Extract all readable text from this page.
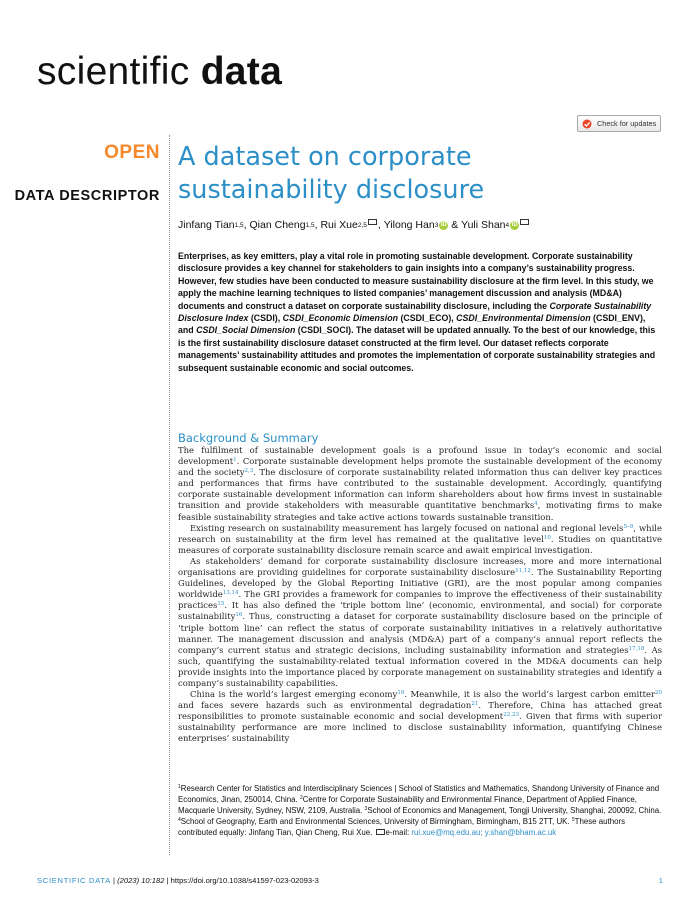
scientific data
Check for updates
OPEN
DATA DESCRIPTOR
A dataset on corporate
sustainability disclosure
Jinfang Tian 1,5 , Qian Cheng 1,5 , Rui Xue 2,5 , Yilong Han 3 iD & Yuli Shan 4 iD

Enterprises, as key emitters, play a vital role in promoting sustainable development. Corporate sustainability disclosure provides a key channel for stakeholders to gain insights into a company’s sustainability progress. However, few studies have been conducted to measure sustainability disclosure at the firm level. In this study, we apply the machine learning techniques to listed companies’ management discussion and analysis (MD&A) documents and construct a dataset on corporate sustainability disclosure, including the Corporate Sustainability Disclosure Index (CSDI), CSDI_Economic Dimension (CSDI_ECO), CSDI_Environmental Dimension (CSDI_ENV), and CSDI_Social Dimension (CSDI_SOCI). The dataset will be updated annually. To the best of our knowledge, this is the first sustainability disclosure dataset constructed at the firm level. Our dataset reflects corporate managements’ sustainability attitudes and promotes the implementation of corporate sustainability strategies and subsequent sustainable economic and social outcomes.

Background & Summary

The fulfilment of sustainable development goals is a profound issue in today’s economic and social development$^1$. Corporate sustainable development helps promote the sustainable development of the economy and the society$^{2,3}$. The disclosure of corporate sustainability related information thus can deliver key practices and performances that firms have contributed to the sustainable development. Accordingly, quantifying corporate sustainable development information can inform shareholders about how firms invest in sustainable transition and provide stakeholders with measurable quantitative benchmarks$^4$, motivating firms to make feasible sustainability strategies and take active actions towards sustainable transition.

Existing research on sustainability measurement has largely focused on national and regional levels$^{5-9}$, while research on sustainability at the firm level has remained at the qualitative level$^{10}$. Studies on quantitative measures of corporate sustainability disclosure remain scarce and await empirical investigation.

As stakeholders’ demand for corporate sustainability disclosure increases, more and more international organisations are providing guidelines for corporate sustainability disclosure$^{11,12}$. The Sustainability Reporting Guidelines, developed by the Global Reporting Initiative (GRI), are the most popular among companies worldwide$^{13,14}$. The GRI provides a framework for companies to improve the effectiveness of their sustainability practices$^{15}$. It has also defined the ‘triple bottom line’ (economic, environmental, and social) for corporate sustainability$^{16}$. Thus, constructing a dataset for corporate sustainability disclosure based on the principle of ‘triple bottom line’ can reflect the status of corporate sustainability initiatives in a relatively authoritative manner. The management discussion and analysis (MD&A) part of a company’s annual report reflects the company’s current status and strategic decisions, including sustainability information and strategies$^{17,18}$. As such, quantifying the sustainability-related textual information covered in the MD&A documents can help provide insights into the importance placed by corporate management on sustainability strategies and identify a company’s sustainability capabilities.

China is the world’s largest emerging economy$^{19}$. Meanwhile, it is also the world’s largest carbon emitter$^{20}$ and faces severe hazards such as environmental degradation$^{21}$. Therefore, China has attached great responsibilities to promote sustainable economic and social development$^{22,23}$. Given that firms with superior sustainability performance are more inclined to disclose sustainability information, quantifying Chinese enterprises’ sustainability

$^1$Research Center for Statistics and Interdisciplinary Sciences | School of Statistics and Mathematics, Shandong University of Finance and Economics, Jinan, 250014, China. $^2$Centre for Corporate Sustainability and Environmental Finance, Department of Applied Finance, Macquarie University, Sydney, NSW, 2109, Australia. $^3$School of Economics and Management, Tongji University, Shanghai, 200092, China. $^4$School of Geography, Earth and Environmental Sciences, University of Birmingham, Birmingham, B15 2TT, UK. $^5$These authors contributed equally: Jinfang Tian, Qian Cheng, Rui Xue. e-mail: rui.xue@mq.edu.au; y.shan@bham.ac.uk

SCIENTIFIC DATA | (2023) 10:182 | https://doi.org/10.1038/s41597-023-02093-3	1
